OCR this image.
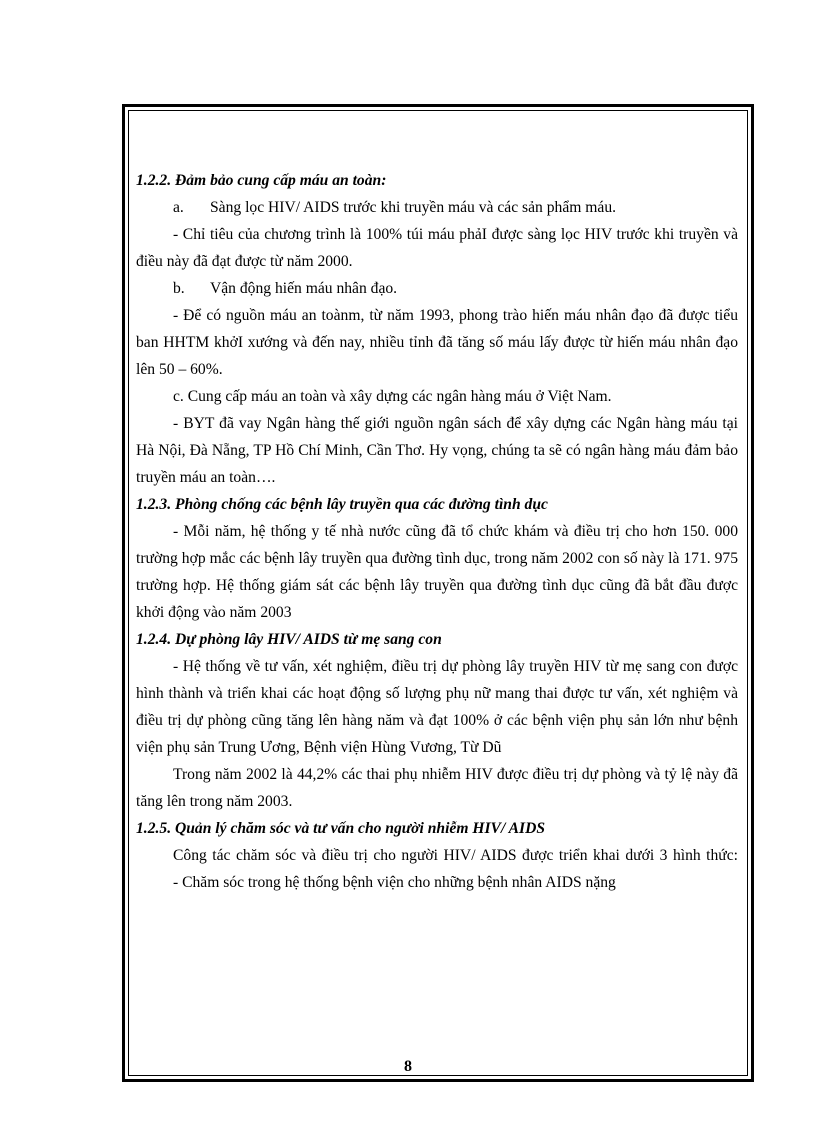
1.2.2. Đảm bảo cung cấp máu an toàn:

a. Sàng lọc HIV/ AIDS trước khi truyền máu và các sản phẩm máu.

- Chỉ tiêu của chương trình là 100% túi máu phảI được sàng lọc HIV trước khi truyền và điều này đã đạt được từ năm 2000.

b. Vận động hiến máu nhân đạo.

- Để có nguồn máu an toànm, từ năm 1993, phong trào hiến máu nhân đạo đã được tiểu ban HHTM khởI xướng và đến nay, nhiều tỉnh đã tăng số máu lấy được từ hiến máu nhân đạo lên 50 – 60%.

c. Cung cấp máu an toàn và xây dựng các ngân hàng máu ở Việt Nam.

- BYT đã vay Ngân hàng thế giới nguồn ngân sách để xây dựng các Ngân hàng máu tại Hà Nội, Đà Nẵng, TP Hồ Chí Minh, Cần Thơ. Hy vọng, chúng ta sẽ có ngân hàng máu đảm bảo truyền máu an toàn….

1.2.3. Phòng chống các bệnh lây truyền qua các đường tình dục

- Mỗi năm, hệ thống y tế nhà nước cũng đã tổ chức khám và điều trị cho hơn 150. 000 trường hợp mắc các bệnh lây truyền qua đường tình dục, trong năm 2002 con số này là 171. 975 trường hợp. Hệ thống giám sát các bệnh lây truyền qua đường tình dục cũng đã bắt đầu được khởi động vào năm 2003

1.2.4. Dự phòng lây HIV/ AIDS từ mẹ sang con

- Hệ thống về tư vấn, xét nghiệm, điều trị dự phòng lây truyền HIV từ mẹ sang con được hình thành và triển khai các hoạt động số lượng phụ nữ mang thai được tư vấn, xét nghiệm và điều trị dự phòng cũng tăng lên hàng năm và đạt 100% ở các bệnh viện phụ sản lớn như bệnh viện phụ sản Trung Ương, Bệnh viện Hùng Vương, Từ Dũ

Trong năm 2002 là 44,2% các thai phụ nhiễm HIV được điều trị dự phòng và tỷ lệ này đã tăng lên trong năm 2003.

1.2.5. Quản lý chăm sóc và tư vấn cho người nhiễm HIV/ AIDS

Công tác chăm sóc và điều trị cho người HIV/ AIDS được triển khai dưới 3 hình thức:

- Chăm sóc trong hệ thống bệnh viện cho những bệnh nhân AIDS nặng

8
